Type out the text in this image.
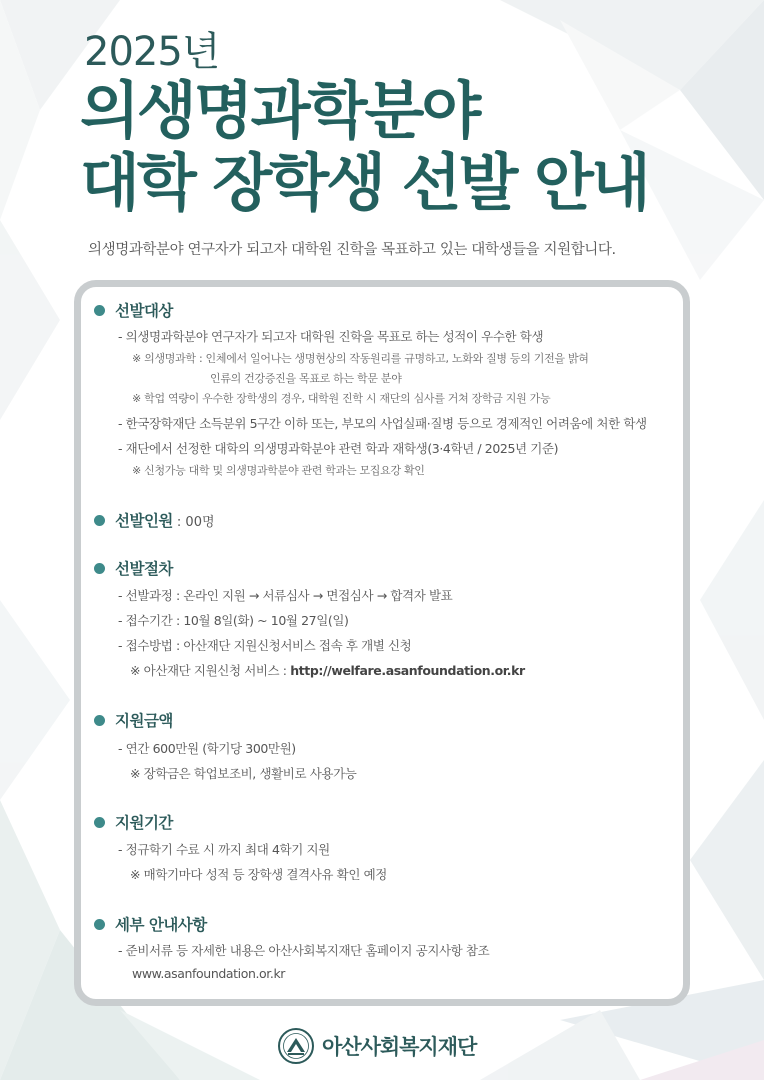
2025년
의생명과학분야
대학 장학생 선발 안내
의생명과학분야 연구자가 되고자 대학원 진학을 목표하고 있는 대학생들을 지원합니다.
선발대상
- 의생명과학분야 연구자가 되고자 대학원 진학을 목표로 하는 성적이 우수한 학생
※ 의생명과학 : 인체에서 일어나는 생명현상의 작동원리를 규명하고, 노화와 질병 등의 기전을 밝혀
인류의 건강증진을 목표로 하는 학문 분야
※ 학업 역량이 우수한 장학생의 경우, 대학원 진학 시 재단의 심사를 거쳐 장학금 지원 가능
- 한국장학재단 소득분위 5구간 이하 또는, 부모의 사업실패·질병 등으로 경제적인 어려움에 처한 학생
- 재단에서 선정한 대학의 의생명과학분야 관련 학과 재학생(3·4학년 / 2025년 기준)
※ 신청가능 대학 및 의생명과학분야 관련 학과는 모집요강 확인
선발인원 : 00명
선발절차
- 선발과정 : 온라인 지원 → 서류심사 → 면접심사 → 합격자 발표
- 접수기간 : 10월 8일(화) ~ 10월 27일(일)
- 접수방법 : 아산재단 지원신청서비스 접속 후 개별 신청
※ 아산재단 지원신청 서비스 : http://welfare.asanfoundation.or.kr
지원금액
- 연간 600만원 (학기당 300만원)
※ 장학금은 학업보조비, 생활비로 사용가능
지원기간
- 정규학기 수료 시 까지 최대 4학기 지원
※ 매학기마다 성적 등 장학생 결격사유 확인 예정
세부 안내사항
- 준비서류 등 자세한 내용은 아산사회복지재단 홈페이지 공지사항 참조
www.asanfoundation.or.kr
아산사회복지재단
